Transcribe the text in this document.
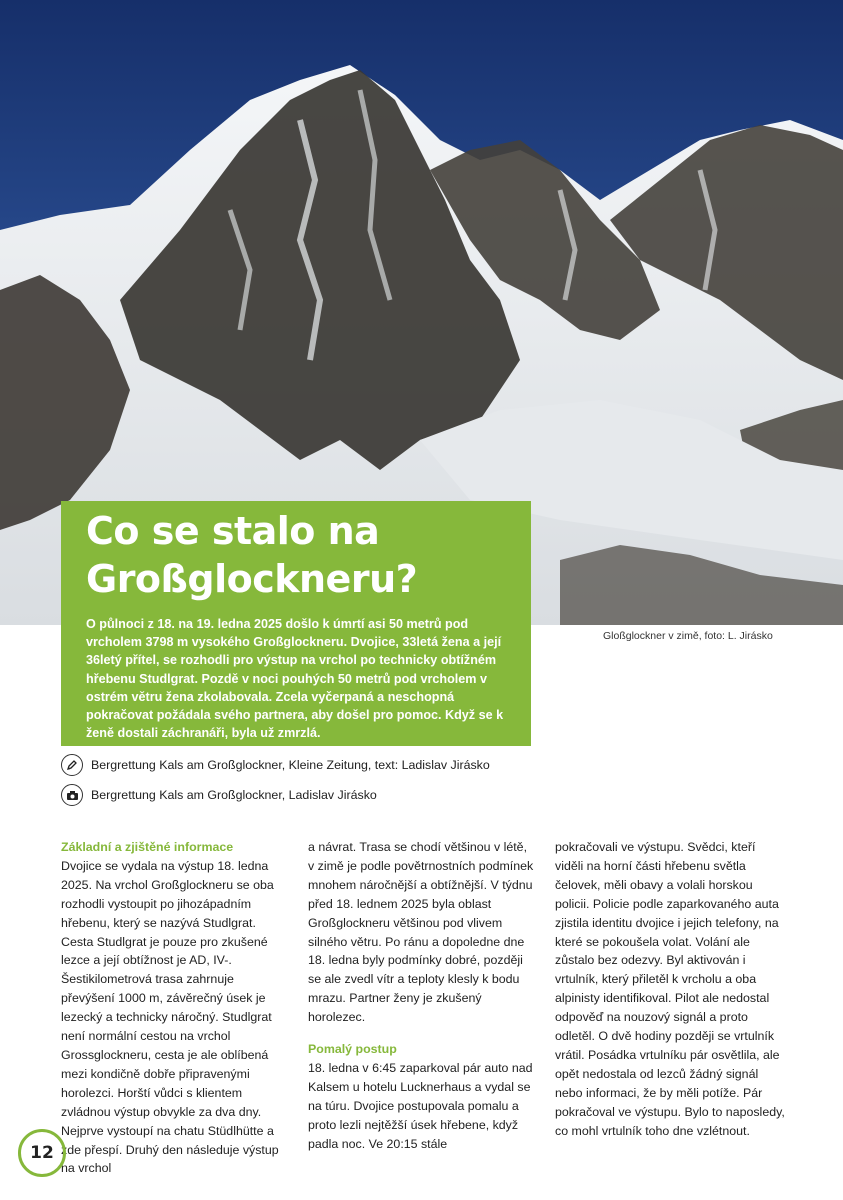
Gloßglockner v zimě, foto: L. Jirásko
Co se stalo na
Großglockneru?

O půlnoci z 18. na 19. ledna 2025 došlo k úmrtí asi 50 metrů pod vrcholem 3798 m vysokého Großglockneru. Dvojice, 33letá žena a její 36letý přítel, se rozhodli pro výstup na vrchol po technicky obtížném hřebenu Studlgrat. Pozdě v noci pouhých 50 metrů pod vrcholem v ostrém větru žena zkolabovala. Zcela vyčerpaná a neschopná pokračovat požádala svého partnera, aby došel pro pomoc. Když se k ženě dostali záchranáři, byla už zmrzlá.

Bergrettung Kals am Großglockner, Kleine Zeitung, text: Ladislav Jirásko
Bergrettung Kals am Großglockner, Ladislav Jirásko
Základní a zjištěné informace

Dvojice se vydala na výstup 18. ledna 2025. Na vrchol Großglockneru se oba rozhodli vystoupit po jihozápadním hřebenu, který se nazývá Studlgrat. Cesta Studlgrat je pouze pro zkušené lezce a její obtížnost je AD, IV-. Šestikilometrová trasa zahrnuje převýšení 1000 m, závěrečný úsek je lezecký a technicky náročný. Studlgrat není normální cestou na vrchol Grossglockneru, cesta je ale oblíbená mezi kondičně dobře připravenými horolezci. Horští vůdci s klientem zvládnou výstup obvykle za dva dny. Nejprve vystoupí na chatu Stüdlhütte a zde přespí. Druhý den následuje výstup na vrchol

a návrat. Trasa se chodí většinou v létě, v zimě je podle povětrnostních podmínek mnohem náročnější a obtížnější. V týdnu před 18. lednem 2025 byla oblast Großglockneru většinou pod vlivem silného větru. Po ránu a dopoledne dne 18. ledna byly podmínky dobré, později se ale zvedl vítr a teploty klesly k bodu mrazu. Partner ženy je zkušený horolezec.

Pomalý postup

18. ledna v 6:45 zaparkoval pár auto nad Kalsem u hotelu Lucknerhaus a vydal se na túru. Dvojice postupovala pomalu a proto lezli nejtěžší úsek hřebene, když padla noc. Ve 20:15 stále

pokračovali ve výstupu. Svědci, kteří viděli na horní části hřebenu světla čelovek, měli obavy a volali horskou policii. Policie podle zaparkovaného auta zjistila identitu dvojice i jejich telefony, na které se pokoušela volat. Volání ale zůstalo bez odezvy. Byl aktivován i vrtulník, který přiletěl k vrcholu a oba alpinisty identifikoval. Pilot ale nedostal odpověď na nouzový signál a proto odletěl. O dvě hodiny později se vrtulník vrátil. Posádka vrtulníku pár osvětlila, ale opět nedostala od lezců žádný signál nebo informaci, že by měli potíže. Pár pokračoval ve výstupu. Bylo to naposledy, co mohl vrtulník toho dne vzlétnout.

12
